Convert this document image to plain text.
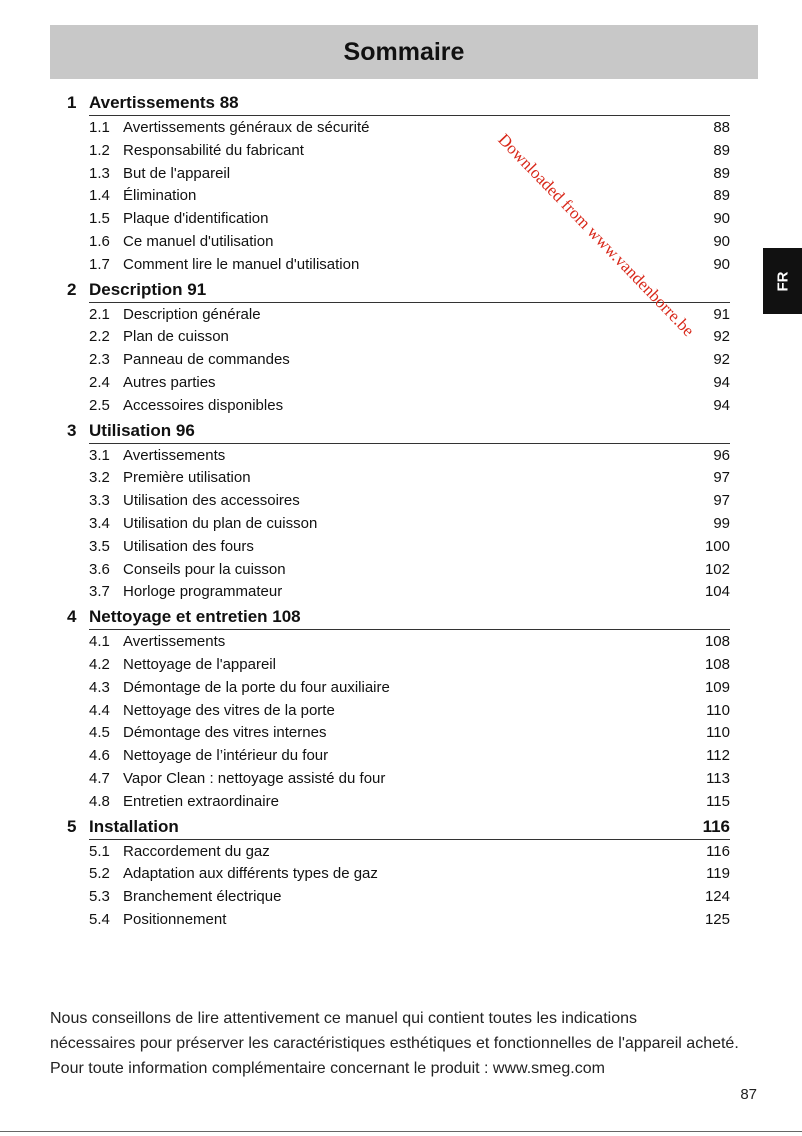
Sommaire
FR
1 Avertissements 88
1.1 Avertissements généraux de sécurité	88
1.2 Responsabilité du fabricant	89
1.3 But de l'appareil	89
1.4 Élimination	89
1.5 Plaque d'identification	90
1.6 Ce manuel d'utilisation	90
1.7 Comment lire le manuel d'utilisation	90
2 Description 91
2.1 Description générale	91
2.2 Plan de cuisson	92
2.3 Panneau de commandes	92
2.4 Autres parties	94
2.5 Accessoires disponibles	94
3 Utilisation 96
3.1 Avertissements	96
3.2 Première utilisation	97
3.3 Utilisation des accessoires	97
3.4 Utilisation du plan de cuisson	99
3.5 Utilisation des fours	100
3.6 Conseils pour la cuisson	102
3.7 Horloge programmateur	104
4 Nettoyage et entretien 108
4.1 Avertissements	108
4.2 Nettoyage de l'appareil	108
4.3 Démontage de la porte du four auxiliaire	109
4.4 Nettoyage des vitres de la porte	110
4.5 Démontage des vitres internes	110
4.6 Nettoyage de l’intérieur du four	112
4.7 Vapor Clean : nettoyage assisté du four	113
4.8 Entretien extraordinaire	115
5 Installation	116
5.1 Raccordement du gaz	116
5.2 Adaptation aux différents types de gaz	119
5.3 Branchement électrique	124
5.4 Positionnement	125

Nous conseillons de lire attentivement ce manuel qui contient toutes les indications

nécessaires pour préserver les caractéristiques esthétiques et fonctionnelles de l'appareil acheté.

Pour toute information complémentaire concernant le produit : www.smeg.com

87
Downloaded from www.vandenborre.be
